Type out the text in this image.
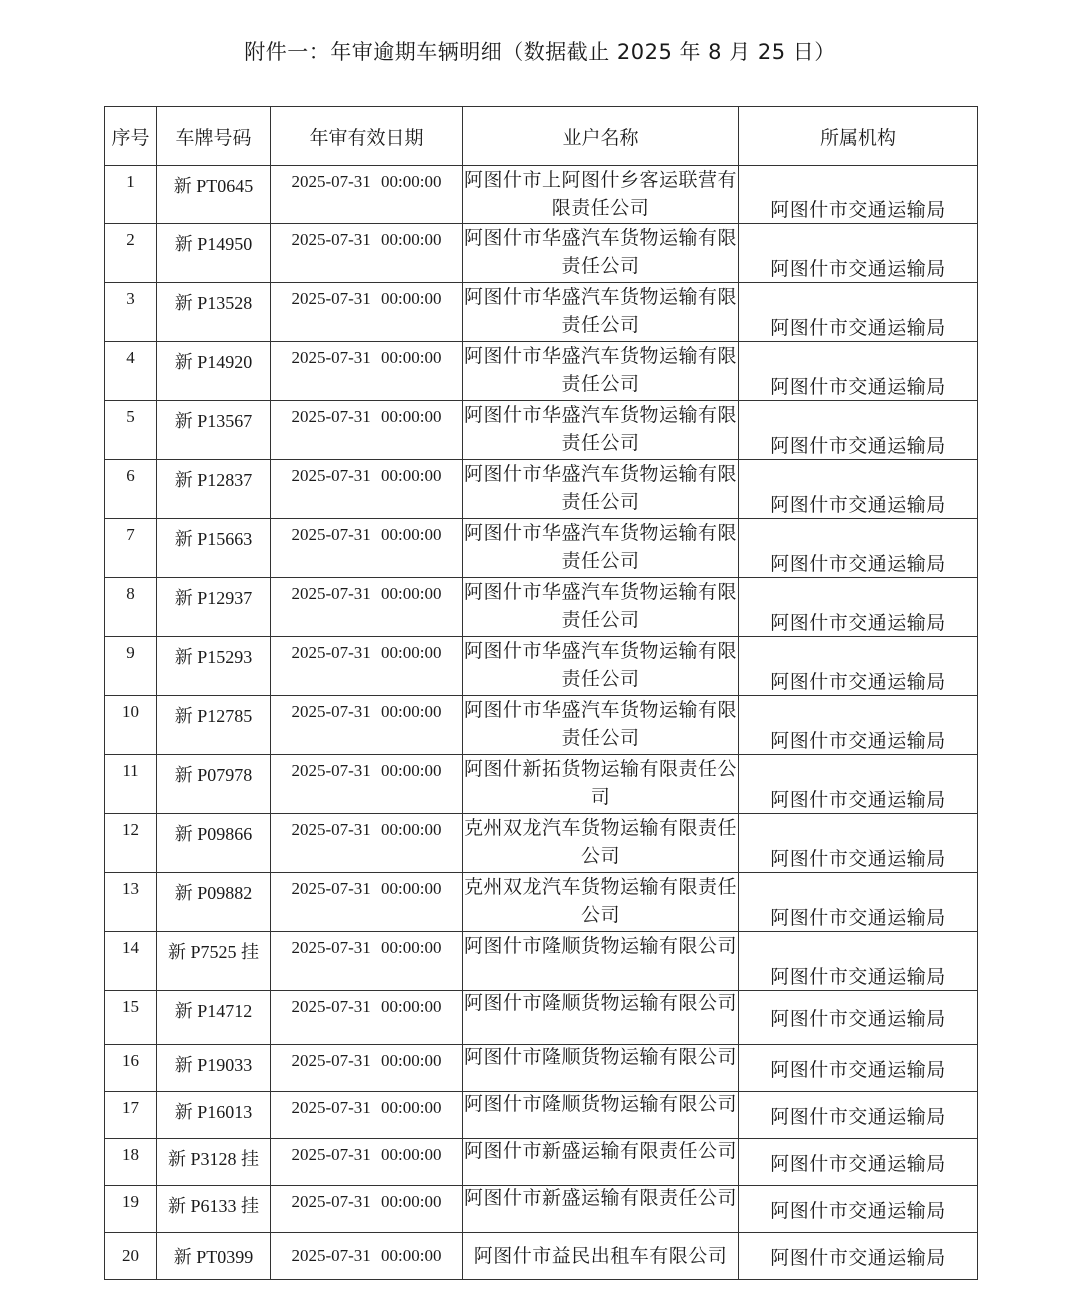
附件一：年审逾期车辆明细（数据截止 2025 年 8 月 25 日）
序号	车牌号码	年审有效日期	业户名称	所属机构
1	新 PT0645	2025-07-31 00:00:00	阿图什市上阿图什乡客运联营有限责任公司	阿图什市交通运输局
2	新 P14950	2025-07-31 00:00:00	阿图什市华盛汽车货物运输有限责任公司	阿图什市交通运输局
3	新 P13528	2025-07-31 00:00:00	阿图什市华盛汽车货物运输有限责任公司	阿图什市交通运输局
4	新 P14920	2025-07-31 00:00:00	阿图什市华盛汽车货物运输有限责任公司	阿图什市交通运输局
5	新 P13567	2025-07-31 00:00:00	阿图什市华盛汽车货物运输有限责任公司	阿图什市交通运输局
6	新 P12837	2025-07-31 00:00:00	阿图什市华盛汽车货物运输有限责任公司	阿图什市交通运输局
7	新 P15663	2025-07-31 00:00:00	阿图什市华盛汽车货物运输有限责任公司	阿图什市交通运输局
8	新 P12937	2025-07-31 00:00:00	阿图什市华盛汽车货物运输有限责任公司	阿图什市交通运输局
9	新 P15293	2025-07-31 00:00:00	阿图什市华盛汽车货物运输有限责任公司	阿图什市交通运输局
10	新 P12785	2025-07-31 00:00:00	阿图什市华盛汽车货物运输有限责任公司	阿图什市交通运输局
11	新 P07978	2025-07-31 00:00:00	阿图什新拓货物运输有限责任公司	阿图什市交通运输局
12	新 P09866	2025-07-31 00:00:00	克州双龙汽车货物运输有限责任公司	阿图什市交通运输局
13	新 P09882	2025-07-31 00:00:00	克州双龙汽车货物运输有限责任公司	阿图什市交通运输局
14	新 P7525 挂	2025-07-31 00:00:00	阿图什市隆顺货物运输有限公司	阿图什市交通运输局
15	新 P14712	2025-07-31 00:00:00	阿图什市隆顺货物运输有限公司	阿图什市交通运输局
16	新 P19033	2025-07-31 00:00:00	阿图什市隆顺货物运输有限公司	阿图什市交通运输局
17	新 P16013	2025-07-31 00:00:00	阿图什市隆顺货物运输有限公司	阿图什市交通运输局
18	新 P3128 挂	2025-07-31 00:00:00	阿图什市新盛运输有限责任公司	阿图什市交通运输局
19	新 P6133 挂	2025-07-31 00:00:00	阿图什市新盛运输有限责任公司	阿图什市交通运输局
20	新 PT0399	2025-07-31 00:00:00	阿图什市益民出租车有限公司	阿图什市交通运输局
